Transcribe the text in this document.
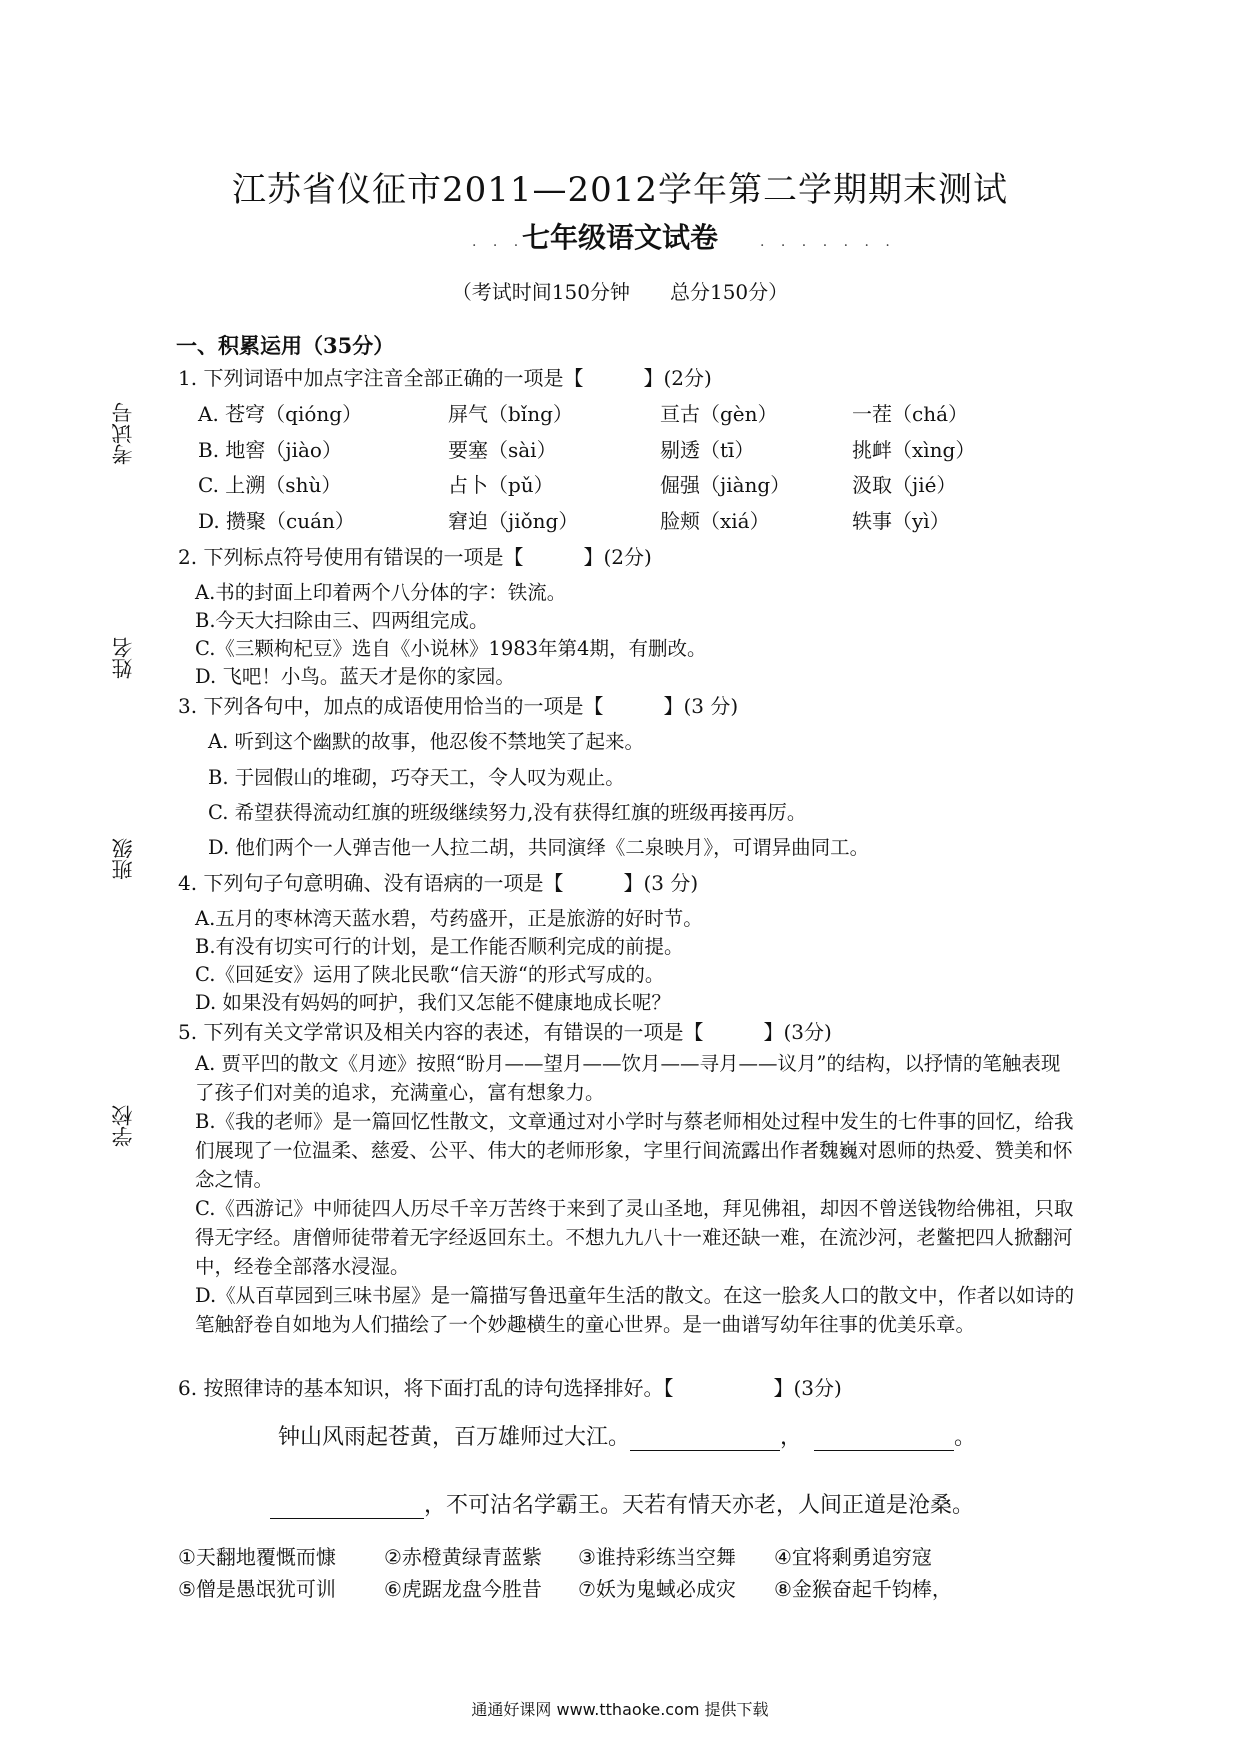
江苏省仪征市2011—2012学年第二学期期末测试
· · ·
七年级语文试卷	· · · · · · ·
（考试时间150分钟　　总分150分）
考试号
姓名
班级
学校
一、积累运用（35分）
1. 下列词语中加点字注音全部正确的一项是【　　　】(2分)
A. 苍穹（qióng）	屏气（bǐng）	亘古（gèn）	一茬（chá）
B. 地窖（jiào）	要塞（sài）	剔透（tī）	挑衅（xìng）
C. 上溯（shù）	占卜（pǔ）	倔强（jiàng）	汲取（jié）
D. 攒聚（cuán）	窘迫（jiǒng）	脸颊（xiá）	轶事（yì）
2. 下列标点符号使用有错误的一项是【　　　】(2分)
A.书的封面上印着两个八分体的字：铁流。
B.今天大扫除由三、四两组完成。
C.《三颗枸杞豆》选自《小说林》1983年第4期，有删改。
D. 飞吧！小鸟。蓝天才是你的家园。
3. 下列各句中，加点的成语使用恰当的一项是【　　　】(3 分)
A. 听到这个幽默的故事，他忍俊不禁地笑了起来。
B. 于园假山的堆砌，巧夺天工，令人叹为观止。
C. 希望获得流动红旗的班级继续努力,没有获得红旗的班级再接再厉。
D. 他们两个一人弹吉他一人拉二胡，共同演绎《二泉映月》，可谓异曲同工。
4. 下列句子句意明确、没有语病的一项是【　　　】(3 分)
A.五月的枣林湾天蓝水碧，芍药盛开，正是旅游的好时节。
B.有没有切实可行的计划，是工作能否顺利完成的前提。
C.《回延安》运用了陕北民歌“信天游“的形式写成的。
D. 如果没有妈妈的呵护，我们又怎能不健康地成长呢？
5. 下列有关文学常识及相关内容的表述，有错误的一项是【　　　】(3分)
A. 贾平凹的散文《月迹》按照“盼月——望月——饮月——寻月——议月”的结构，以抒情的笔触表现了孩子们对美的追求，充满童心，富有想象力。
B.《我的老师》是一篇回忆性散文，文章通过对小学时与蔡老师相处过程中发生的七件事的回忆，给我们展现了一位温柔、慈爱、公平、伟大的老师形象，字里行间流露出作者魏巍对恩师的热爱、赞美和怀念之情。
C.《西游记》中师徒四人历尽千辛万苦终于来到了灵山圣地，拜见佛祖，却因不曾送钱物给佛祖，只取得无字经。唐僧师徒带着无字经返回东土。不想九九八十一难还缺一难，在流沙河，老鳖把四人掀翻河中，经卷全部落水浸湿。
D.《从百草园到三味书屋》是一篇描写鲁迅童年生活的散文。在这一脍炙人口的散文中，作者以如诗的笔触舒卷自如地为人们描绘了一个妙趣横生的童心世界。是一曲谱写幼年往事的优美乐章。
6. 按照律诗的基本知识，将下面打乱的诗句选择排好。【　　　　　】(3分)
钟山风雨起苍黄，百万雄师过大江。	，	。
，不可沽名学霸王。天若有情天亦老，人间正道是沧桑。
①天翻地覆慨而慷 ②赤橙黄绿青蓝紫 ③谁持彩练当空舞 ④宜将剩勇追穷寇
⑤僧是愚氓犹可训 ⑥虎踞龙盘今胜昔 ⑦妖为鬼蜮必成灾 ⑧金猴奋起千钧棒，
通通好课网 www.tthaoke.com 提供下载
